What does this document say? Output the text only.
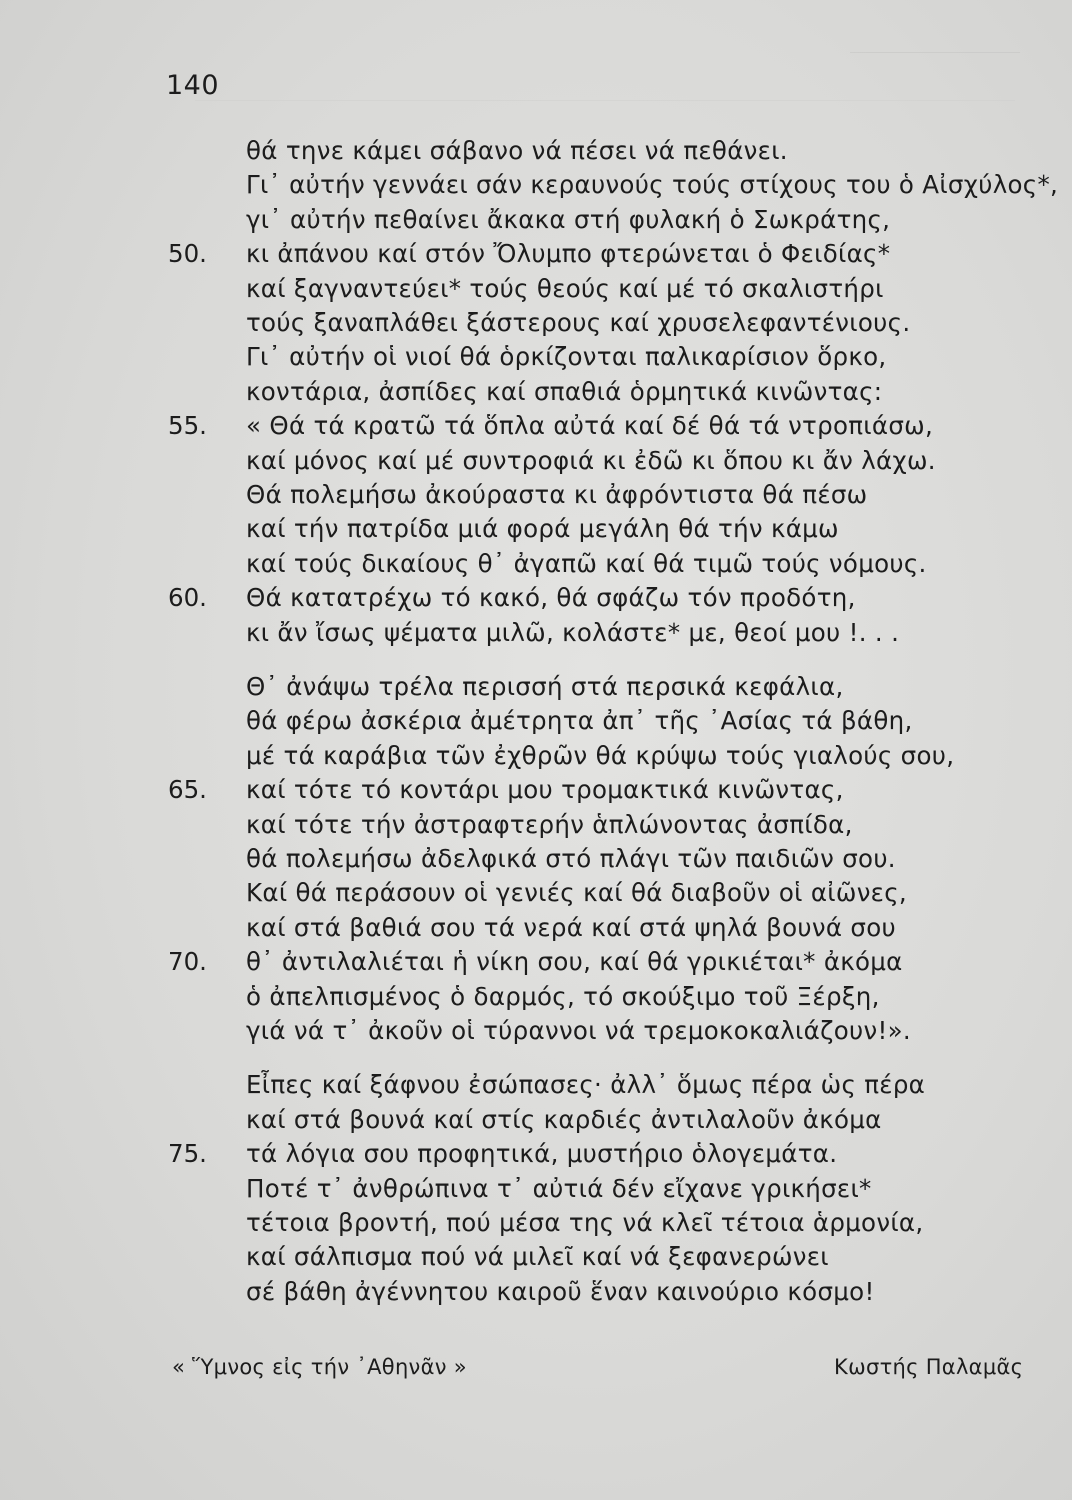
140
θά τηνε κάμει σάβανο νά πέσει νά πεθάνει.
Γι᾽ αὐτήν γεννάει σάν κεραυνούς τούς στίχους του ὁ Αἰσχύλος*,
γι᾽ αὐτήν πεθαίνει ἄκακα στή φυλακή ὁ Σωκράτης,
50. κι ἀπάνου καί στόν Ὄλυμπο φτερώνεται ὁ Φειδίας*
καί ξαγναντεύει* τούς θεούς καί μέ τό σκαλιστήρι
τούς ξαναπλάθει ξάστερους καί χρυσελεφαντένιους.
Γι᾽ αὐτήν οἱ νιοί θά ὁρκίζονται παλικαρίσιον ὅρκο,
κοντάρια, ἀσπίδες καί σπαθιά ὁρμητικά κινῶντας:
55. « Θά τά κρατῶ τά ὅπλα αὐτά καί δέ θά τά ντροπιάσω,
καί μόνος καί μέ συντροφιά κι ἐδῶ κι ὅπου κι ἄν λάχω.
Θά πολεμήσω ἀκούραστα κι ἀφρόντιστα θά πέσω
καί τήν πατρίδα μιά φορά μεγάλη θά τήν κάμω
καί τούς δικαίους θ᾽ ἀγαπῶ καί θά τιμῶ τούς νόμους.
60. Θά κατατρέχω τό κακό, θά σφάζω τόν προδότη,
κι ἄν ἴσως ψέματα μιλῶ, κολάστε* με, θεοί μου !. . .
Θ᾽ ἀνάψω τρέλα περισσή στά περσικά κεφάλια,
θά φέρω ἀσκέρια ἀμέτρητα ἀπ᾽ τῆς ᾽Ασίας τά βάθη,
μέ τά καράβια τῶν ἐχθρῶν θά κρύψω τούς γιαλούς σου,
65. καί τότε τό κοντάρι μου τρομακτικά κινῶντας,
καί τότε τήν ἀστραφτερήν ἁπλώνοντας ἀσπίδα,
θά πολεμήσω ἀδελφικά στό πλάγι τῶν παιδιῶν σου.
Καί θά περάσουν οἱ γενιές καί θά διαβοῦν οἱ αἰῶνες,
καί στά βαθιά σου τά νερά καί στά ψηλά βουνά σου
70. θ᾽ ἀντιλαλιέται ἡ νίκη σου, καί θά γρικιέται* ἀκόμα
ὁ ἀπελπισμένος ὁ δαρμός, τό σκούξιμο τοῦ Ξέρξη,
γιά νά τ᾽ ἀκοῦν οἱ τύραννοι νά τρεμοκοκαλιάζουν!».
Εἶπες καί ξάφνου ἐσώπασες· ἀλλ᾽ ὅμως πέρα ὡς πέρα
καί στά βουνά καί στίς καρδιές ἀντιλαλοῦν ἀκόμα
75. τά λόγια σου προφητικά, μυστήριο ὁλογεμάτα.
Ποτέ τ᾽ ἀνθρώπινα τ᾽ αὐτιά δέν εἴχανε γρικήσει*
τέτοια βροντή, πού μέσα της νά κλεῖ τέτοια ἁρμονία,
καί σάλπισμα πού νά μιλεῖ καί νά ξεφανερώνει
σέ βάθη ἀγέννητου καιροῦ ἕναν καινούριο κόσμο!
« Ὕμνος εἰς τήν ᾽Αθηνᾶν »	Κωστής Παλαμᾶς
